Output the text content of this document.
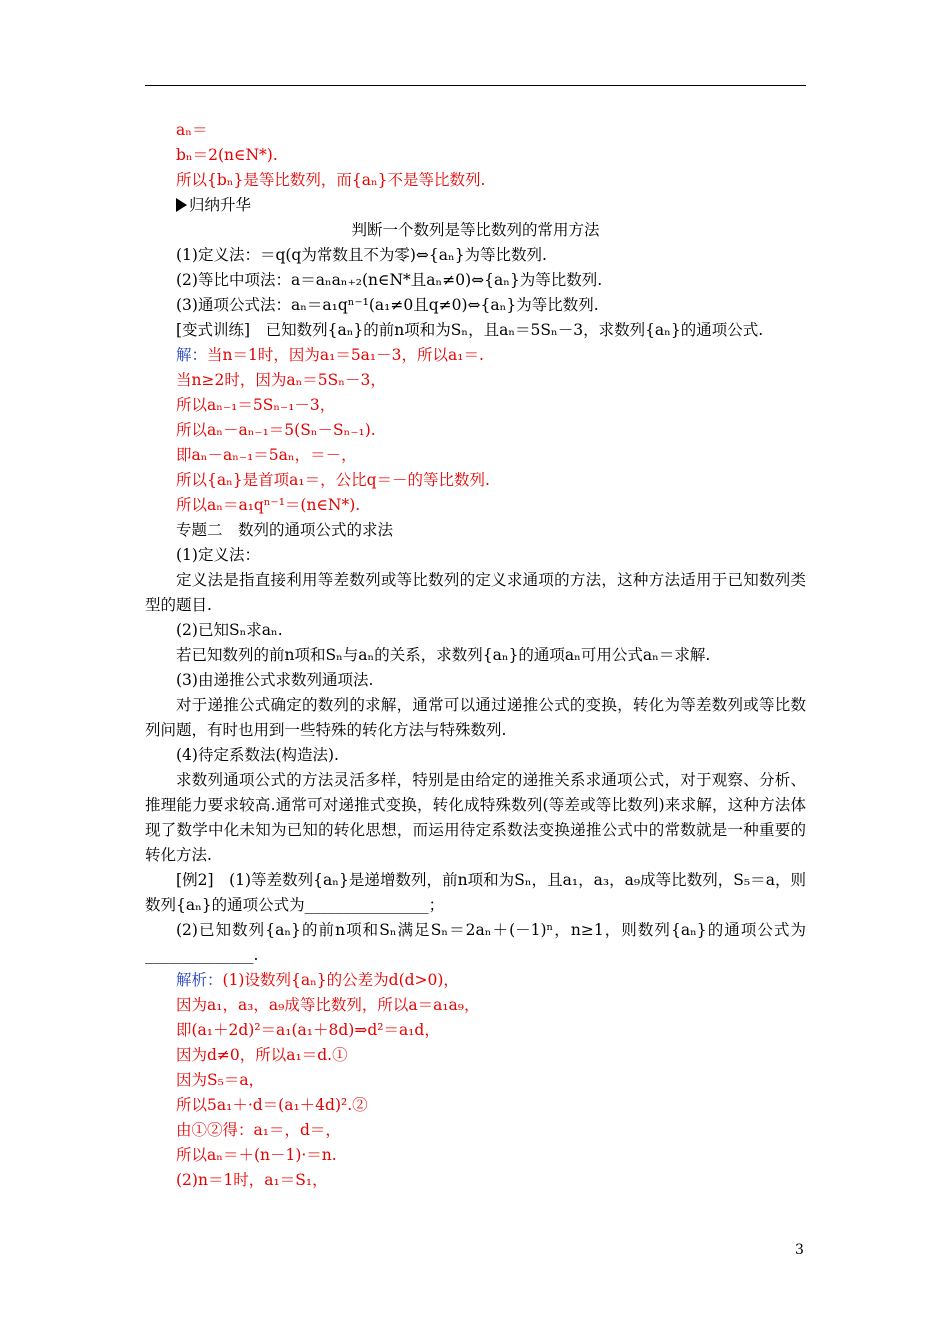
aₙ＝
bₙ＝2(n∈N*).
所以{bₙ}是等比数列，而{aₙ}不是等比数列.
归纳升华
判断一个数列是等比数列的常用方法
(1)定义法：＝q(q为常数且不为零)⇔{aₙ}为等比数列.
(2)等比中项法：a＝aₙaₙ₊₂(n∈N*且aₙ≠0)⇔{aₙ}为等比数列.
(3)通项公式法：aₙ＝a₁qⁿ⁻¹(a₁≠0且q≠0)⇔{aₙ}为等比数列.
[变式训练]　已知数列{aₙ}的前n项和为Sₙ，且aₙ＝5Sₙ－3，求数列{aₙ}的通项公式.
解：当n＝1时，因为a₁＝5a₁－3，所以a₁＝.
当n≥2时，因为aₙ＝5Sₙ－3，
所以aₙ₋₁＝5Sₙ₋₁－3，
所以aₙ－aₙ₋₁＝5(Sₙ－Sₙ₋₁).
即aₙ－aₙ₋₁＝5aₙ，＝－，
所以{aₙ}是首项a₁＝，公比q＝－的等比数列.
所以aₙ＝a₁qⁿ⁻¹＝(n∈N*).
专题二　数列的通项公式的求法
(1)定义法：
定义法是指直接利用等差数列或等比数列的定义求通项的方法，这种方法适用于已知数列类型的题目.
(2)已知Sₙ求aₙ.
若已知数列的前n项和Sₙ与aₙ的关系，求数列{aₙ}的通项aₙ可用公式aₙ＝求解.
(3)由递推公式求数列通项法.
对于递推公式确定的数列的求解，通常可以通过递推公式的变换，转化为等差数列或等比数列问题，有时也用到一些特殊的转化方法与特殊数列.
(4)待定系数法(构造法).
求数列通项公式的方法灵活多样，特别是由给定的递推关系求通项公式，对于观察、分析、推理能力要求较高.通常可对递推式变换，转化成特殊数列(等差或等比数列)来求解，这种方法体现了数学中化未知为已知的转化思想，而运用待定系数法变换递推公式中的常数就是一种重要的转化方法.
[例2]　(1)等差数列{aₙ}是递增数列，前n项和为Sₙ，且a₁，a₃，a₉成等比数列，S₅＝a，则数列{aₙ}的通项公式为________________；
(2)已知数列{aₙ}的前n项和Sₙ满足Sₙ＝2aₙ＋(－1)ⁿ，n≥1，则数列{aₙ}的通项公式为______________.
解析：(1)设数列{aₙ}的公差为d(d>0)，
因为a₁，a₃，a₉成等比数列，所以a＝a₁a₉，
即(a₁＋2d)²＝a₁(a₁＋8d)⇒d²＝a₁d，
因为d≠0，所以a₁＝d.①
因为S₅＝a，
所以5a₁＋·d＝(a₁＋4d)².②
由①②得：a₁＝，d＝，
所以aₙ＝＋(n－1)·＝n.
(2)n＝1时，a₁＝S₁，
3
